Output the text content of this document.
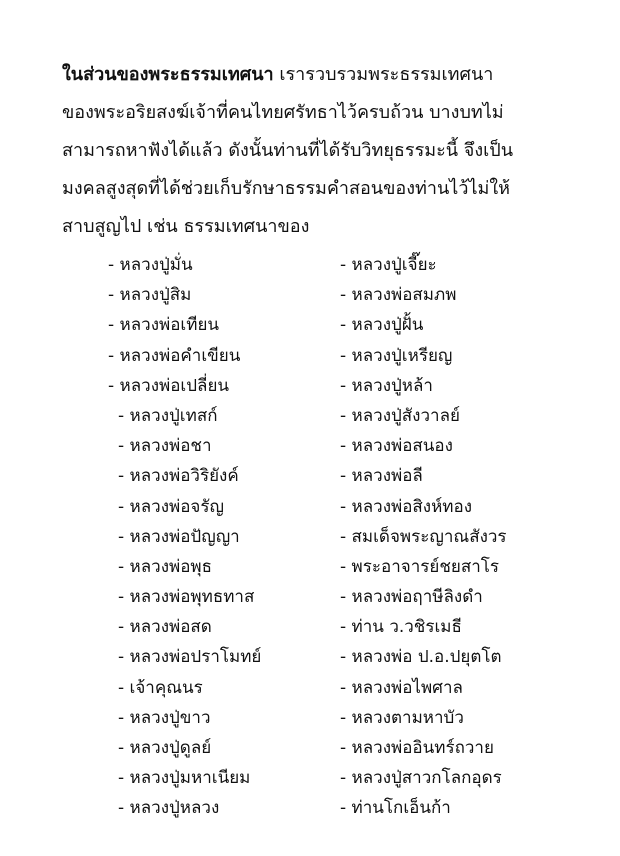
ในส่วนของพระธรรมเทศนา เรารวบรวมพระธรรมเทศนา
ของพระอริยสงฆ์เจ้าที่คนไทยศรัทธาไว้ครบถ้วน บางบทไม่
สามารถหาฟังได้แล้ว ดังนั้นท่านที่ได้รับวิทยุธรรมะนี้ จึงเป็น
มงคลสูงสุดที่ได้ช่วยเก็บรักษาธรรมคำสอนของท่านไว้ไม่ให้
สาบสูญไป เช่น ธรรมเทศนาของ
- หลวงปู่มั่น	- หลวงปู่เจี๊ยะ
- หลวงปู่สิม	- หลวงพ่อสมภพ
- หลวงพ่อเทียน	- หลวงปู่ฝั้น
- หลวงพ่อคำเขียน	- หลวงปู่เหรียญ
- หลวงพ่อเปลี่ยน	- หลวงปู่หล้า
- หลวงปู่เทสก์	- หลวงปู่สังวาลย์
- หลวงพ่อชา	- หลวงพ่อสนอง
- หลวงพ่อวิริยังค์	- หลวงพ่อลี
- หลวงพ่อจรัญ	- หลวงพ่อสิงห์ทอง
- หลวงพ่อปัญญา	- สมเด็จพระญาณสังวร
- หลวงพ่อพุธ	- พระอาจารย์ชยสาโร
- หลวงพ่อพุทธทาส	- หลวงพ่อฤาษีลิงดำ
- หลวงพ่อสด	- ท่าน ว.วชิรเมธี
- หลวงพ่อปราโมทย์	- หลวงพ่อ ป.อ.ปยุตโต
- เจ้าคุณนร	- หลวงพ่อไพศาล
- หลวงปู่ขาว	- หลวงตามหาบัว
- หลวงปู่ดูลย์	- หลวงพ่ออินทร์ถวาย
- หลวงปู่มหาเนียม	- หลวงปู่สาวกโลกอุดร
- หลวงปู่หลวง	- ท่านโกเอ็นก้า
